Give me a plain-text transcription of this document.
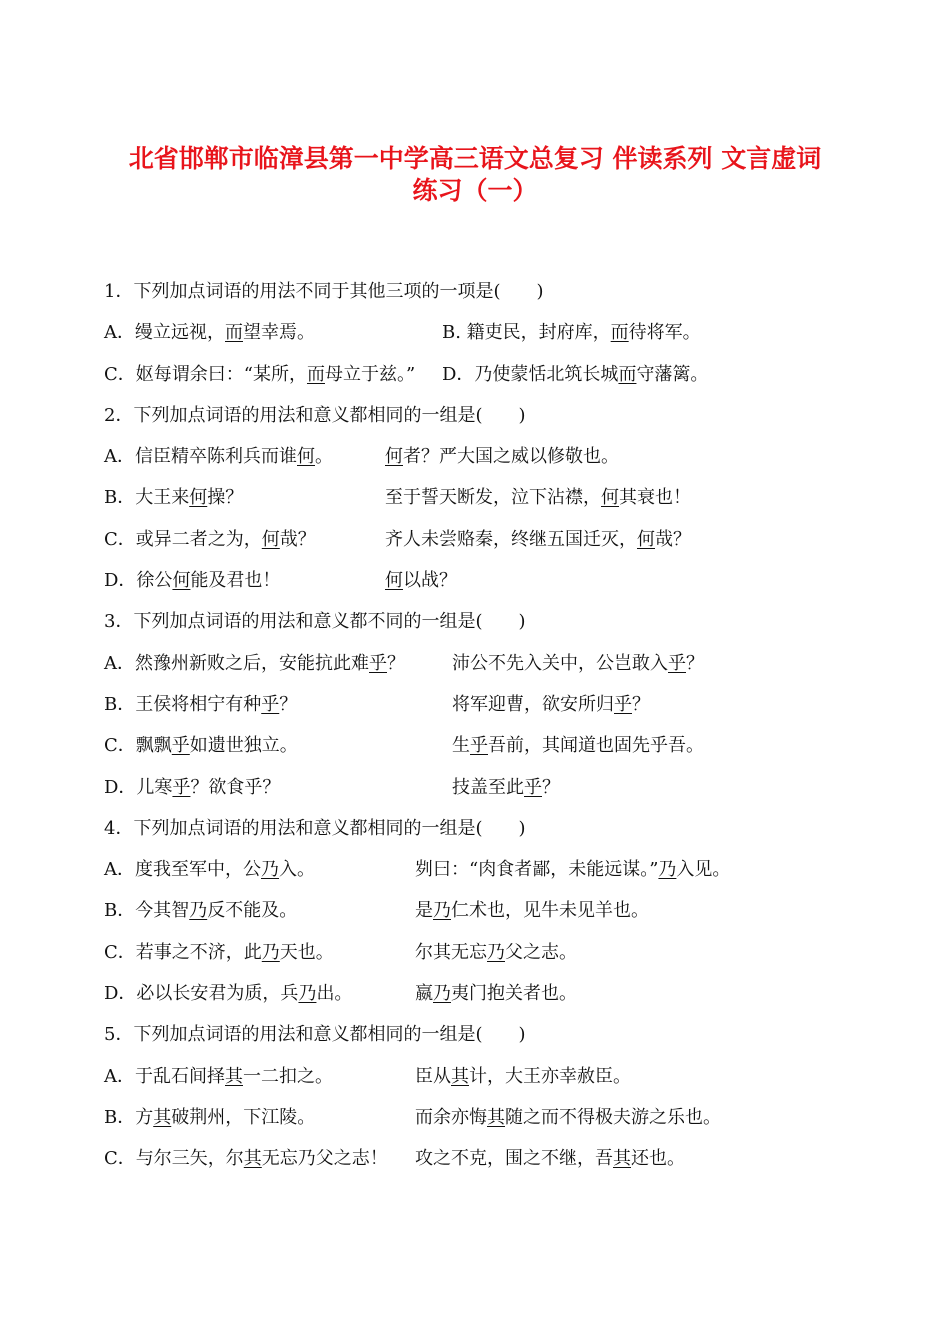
北省邯郸市临漳县第一中学高三语文总复习 伴读系列 文言虚词
练习（一）
1．下列加点词语的用法不同于其他三项的一项是(　　)
A．缦立远视，而望幸焉。	B. 籍吏民，封府库，而待将军。
C．妪每谓余曰：“某所，而母立于兹。” D．乃使蒙恬北筑长城而守藩篱。
2．下列加点词语的用法和意义都相同的一组是(　　)
A．信臣精卒陈利兵而谁何。	何者？严大国之威以修敬也。
B．大王来何操？	至于誓天断发，泣下沾襟，何其衰也！
C．或异二者之为，何哉？	齐人未尝赂秦，终继五国迁灭，何哉？
D．徐公何能及君也！	何以战？
3．下列加点词语的用法和意义都不同的一组是(　　)
A．然豫州新败之后，安能抗此难乎？	沛公不先入关中，公岂敢入乎？
B．王侯将相宁有种乎？	将军迎曹，欲安所归乎？
C．飘飘乎如遗世独立。	生乎吾前，其闻道也固先乎吾。
D．儿寒乎？欲食乎？	技盖至此乎？
4．下列加点词语的用法和意义都相同的一组是(　　)
A．度我至军中，公乃入。	刿曰：“肉食者鄙，未能远谋。”乃入见。
B．今其智乃反不能及。	是乃仁术也，见牛未见羊也。
C．若事之不济，此乃天也。	尔其无忘乃父之志。
D．必以长安君为质，兵乃出。	嬴乃夷门抱关者也。
5．下列加点词语的用法和意义都相同的一组是(　　)
A．于乱石间择其一二扣之。	臣从其计，大王亦幸赦臣。
B．方其破荆州，下江陵。	而余亦悔其随之而不得极夫游之乐也。
C．与尔三矢，尔其无忘乃父之志！ 攻之不克，围之不继，吾其还也。
